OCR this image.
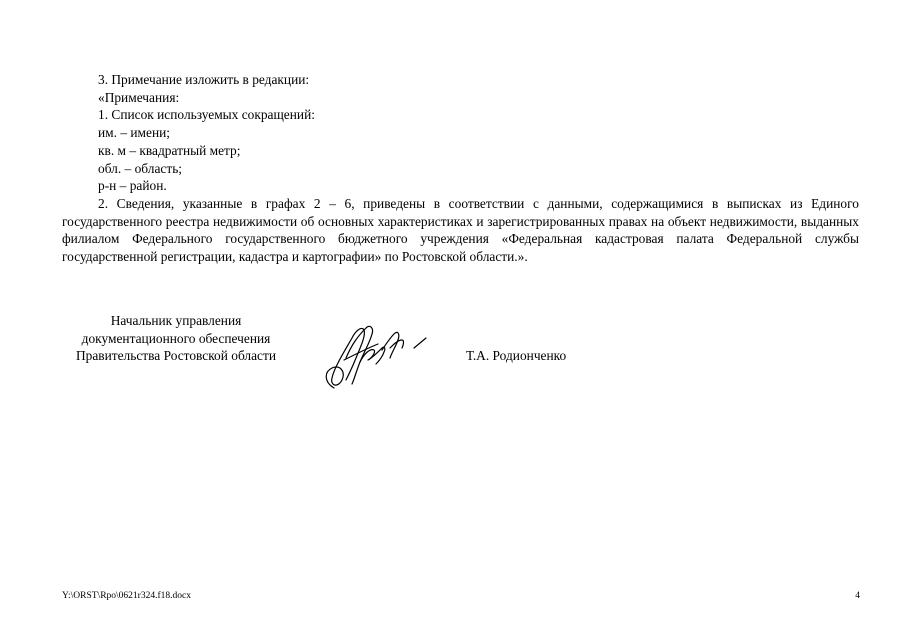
3. Примечание изложить в редакции:

«Примечания:

1. Список используемых сокращений:

им. – имени;

кв. м – квадратный метр;

обл. – область;

р-н – район.

2. Сведения, указанные в графах 2 – 6, приведены в соответствии с данными, содержащимися в выписках из Единого государственного реестра недвижимости об основных характеристиках и зарегистрированных правах на объект недвижимости, выданных филиалом Федерального государственного бюджетного учреждения «Федеральная кадастровая палата Федеральной службы государственной регистрации, кадастра и картографии» по Ростовской области.».

Начальник управления
документационного обеспечения
Правительства Ростовской области	Т.А. Родионченко
Y:\ORST\Rpo\0621r324.f18.docx	4
